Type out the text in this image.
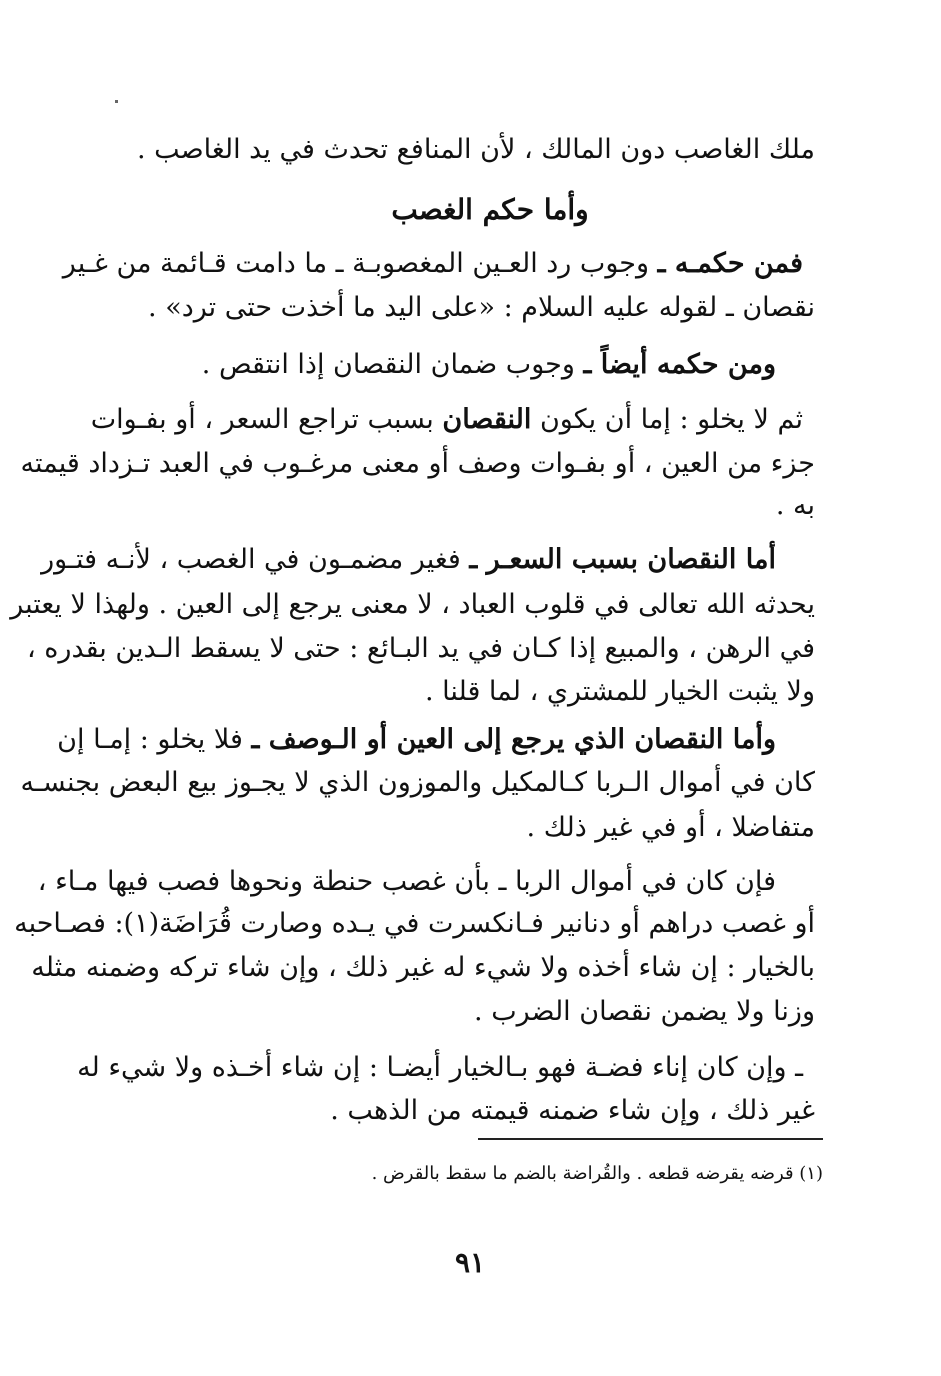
ملك الغاصب دون المالك ، لأن المنافع تحدث في يد الغاصب .
وأما حكم الغصب
فمن حكمـه ـ وجوب رد العـين المغصوبـة ـ ما دامت قـائمة من غـير
نقصان ـ لقوله عليه السلام : «على اليد ما أخذت حتى ترد» .
ومن حكمه أيضاً ـ وجوب ضمان النقصان إذا انتقص .
ثم لا يخلو : إما أن يكون النقصان بسبب تراجع السعر ، أو بفـوات
جزء من العين ، أو بفـوات وصف أو معنى مرغـوب في العبد تـزداد قيمته
به .
أما النقصان بسبب السعـر ـ فغير مضمـون في الغصب ، لأنـه فتـور
يحدثه الله تعالى في قلوب العباد ، لا معنى يرجع إلى العين . ولهذا لا يعتبر
في الرهن ، والمبيع إذا كـان في يد البـائع : حتى لا يسقط الـدين بقدره ،
ولا يثبت الخيار للمشتري ، لما قلنا .
وأما النقصان الذي يرجع إلى العين أو الـوصف ـ فلا يخلو : إمـا إن
كان في أموال الـربا كـالمكيل والموزون الذي لا يجـوز بيع البعض بجنسـه
متفاضلا ، أو في غير ذلك .
فإن كان في أموال الربا ـ بأن غصب حنطة ونحوها فصب فيها مـاء ،
أو غصب دراهم أو دنانير فـانكسرت في يـده وصارت قُرَاضَة(١): فصـاحبه
بالخيار : إن شاء أخذه ولا شيء له غير ذلك ، وإن شاء تركه وضمنه مثله
وزنا ولا يضمن نقصان الضرب .
ـ وإن كان إناء فضـة فهو بـالخيار أيضـا : إن شاء أخـذه ولا شيء له
غير ذلك ، وإن شاء ضمنه قيمته من الذهب .
(١) قرضه يقرضه قطعه . والقُراضة بالضم ما سقط بالقرض .
٩١
